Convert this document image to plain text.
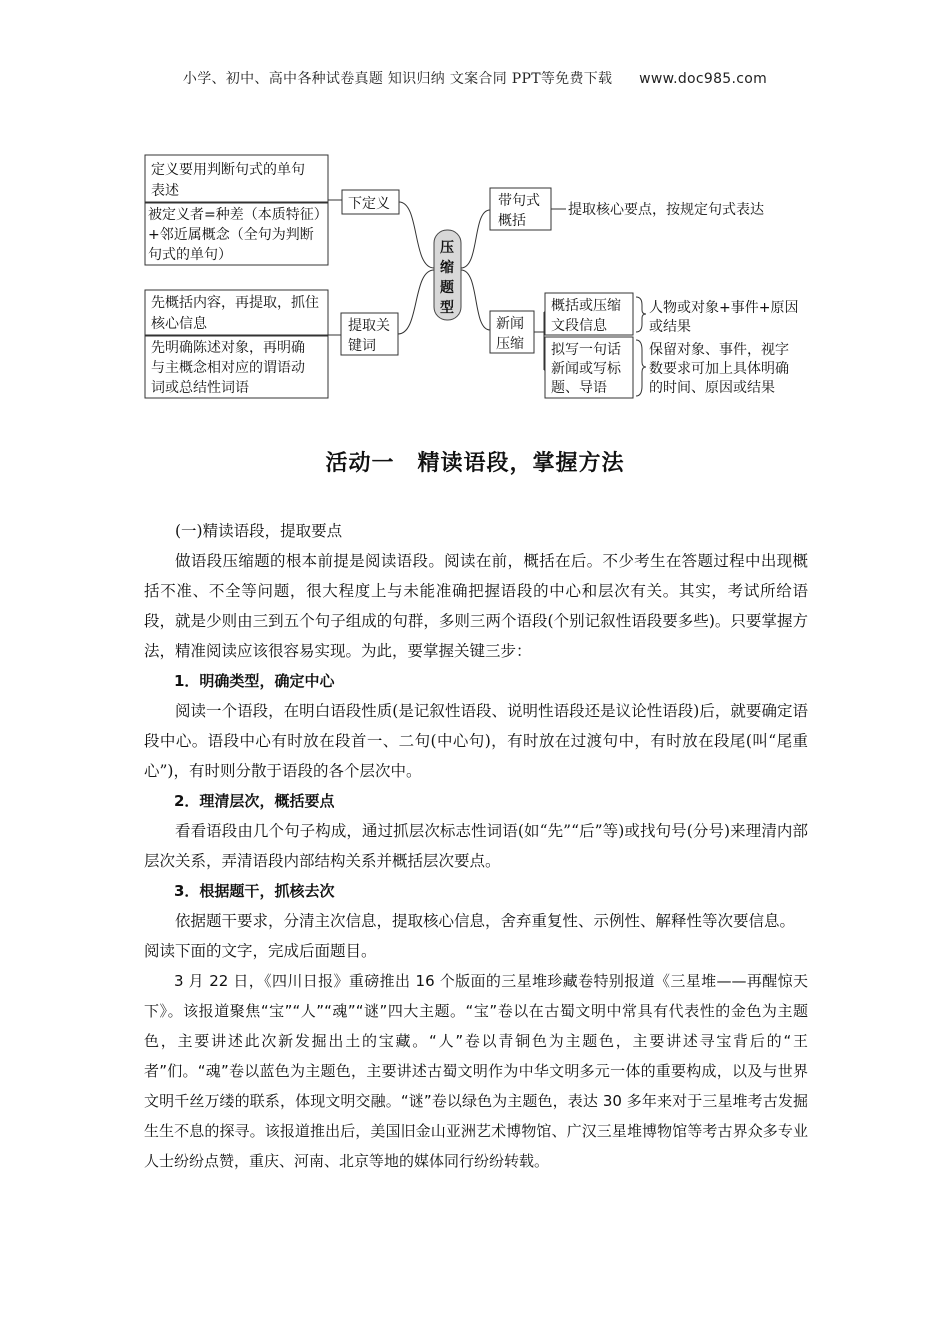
小学、初中、高中各种试卷真题 知识归纳 文案合同 PPT等免费下载 www.doc985.com
定义要用判断句式的单句
表述
被定义者=种差（本质特征）
+邻近属概念（全句为判断
句式的单句）
下定义
先概括内容，再提取，抓住
核心信息
先明确陈述对象，再明确
与主概念相对应的谓语动
词或总结性词语
提取关
键词
压
缩
题
型
带句式
概括
提取核心要点，按规定句式表达
新闻
压缩
概括或压缩
文段信息
拟写一句话
新闻或写标
题、导语
人物或对象+事件+原因
或结果
保留对象、事件，视字
数要求可加上具体明确
的时间、原因或结果
活动一　精读语段，掌握方法

(一)精读语段，提取要点

做语段压缩题的根本前提是阅读语段。阅读在前，概括在后。不少考生在答题过程中出现概括不准、不全等问题，很大程度上与未能准确把握语段的中心和层次有关。其实，考试所给语段，就是少则由三到五个句子组成的句群，多则三两个语段(个别记叙性语段要多些)。只要掌握方法，精准阅读应该很容易实现。为此，要掌握关键三步：

1．明确类型，确定中心

阅读一个语段，在明白语段性质(是记叙性语段、说明性语段还是议论性语段)后，就要确定语段中心。语段中心有时放在段首一、二句(中心句)，有时放在过渡句中，有时放在段尾(叫“尾重心”)，有时则分散于语段的各个层次中。

2．理清层次，概括要点

看看语段由几个句子构成，通过抓层次标志性词语(如“先”“后”等)或找句号(分号)来理清内部层次关系，弄清语段内部结构关系并概括层次要点。

3．根据题干，抓核去次

依据题干要求，分清主次信息，提取核心信息，舍弃重复性、示例性、解释性等次要信息。

阅读下面的文字，完成后面题目。

3 月 22 日，《四川日报》重磅推出 16 个版面的三星堆珍藏卷特别报道《三星堆——再醒惊天下》。该报道聚焦“宝”“人”“魂”“谜”四大主题。“宝”卷以在古蜀文明中常具有代表性的金色为主题色，主要讲述此次新发掘出土的宝藏。“人”卷以青铜色为主题色，主要讲述寻宝背后的“王者”们。“魂”卷以蓝色为主题色，主要讲述古蜀文明作为中华文明多元一体的重要构成，以及与世界文明千丝万缕的联系，体现文明交融。“谜”卷以绿色为主题色，表达 30 多年来对于三星堆考古发掘生生不息的探寻。该报道推出后，美国旧金山亚洲艺术博物馆、广汉三星堆博物馆等考古界众多专业人士纷纷点赞，重庆、河南、北京等地的媒体同行纷纷转载。
